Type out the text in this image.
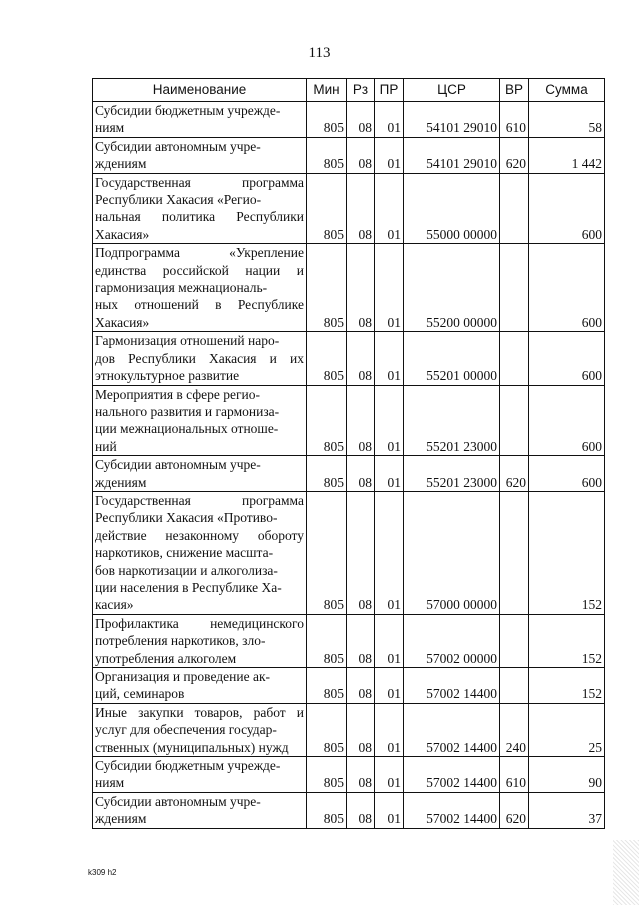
113
Наименование	Мин	Рз	ПР	ЦСР	ВР	Сумма
Субсидии бюджетным учрежде-
ниям	805	08	01	54101 29010	610	58
Субсидии автономным учре-
ждениям	805	08	01	54101 29010	620	1 442
Государственная программа Республики Хакасия «Регио-
нальная политика Республики Хакасия»	805	08	01	55000 00000		600
Подпрограмма «Укрепление единства российской нации и гармонизация межнациональ-
ных отношений в Республике Хакасия»	805	08	01	55200 00000		600
Гармонизация отношений наро-
дов Республики Хакасия и их этнокультурное развитие	805	08	01	55201 00000		600
Мероприятия в сфере регио-
нального развития и гармониза-
ции межнациональных отноше-
ний	805	08	01	55201 23000		600
Субсидии автономным учре-
ждениям	805	08	01	55201 23000	620	600
Государственная программа Республики Хакасия «Противо-
действие незаконному обороту наркотиков, снижение масшта-
бов наркотизации и алкоголиза-
ции населения в Республике Ха-
касия»	805	08	01	57000 00000		152
Профилактика немедицинского потребления наркотиков, зло-
употребления алкоголем	805	08	01	57002 00000		152
Организация и проведение ак-
ций, семинаров	805	08	01	57002 14400		152
Иные закупки товаров, работ и услуг для обеспечения государ-
ственных (муниципальных) нужд	805	08	01	57002 14400	240	25
Субсидии бюджетным учрежде-
ниям	805	08	01	57002 14400	610	90
Субсидии автономным учре-
ждениям	805	08	01	57002 14400	620	37
k309 h2
